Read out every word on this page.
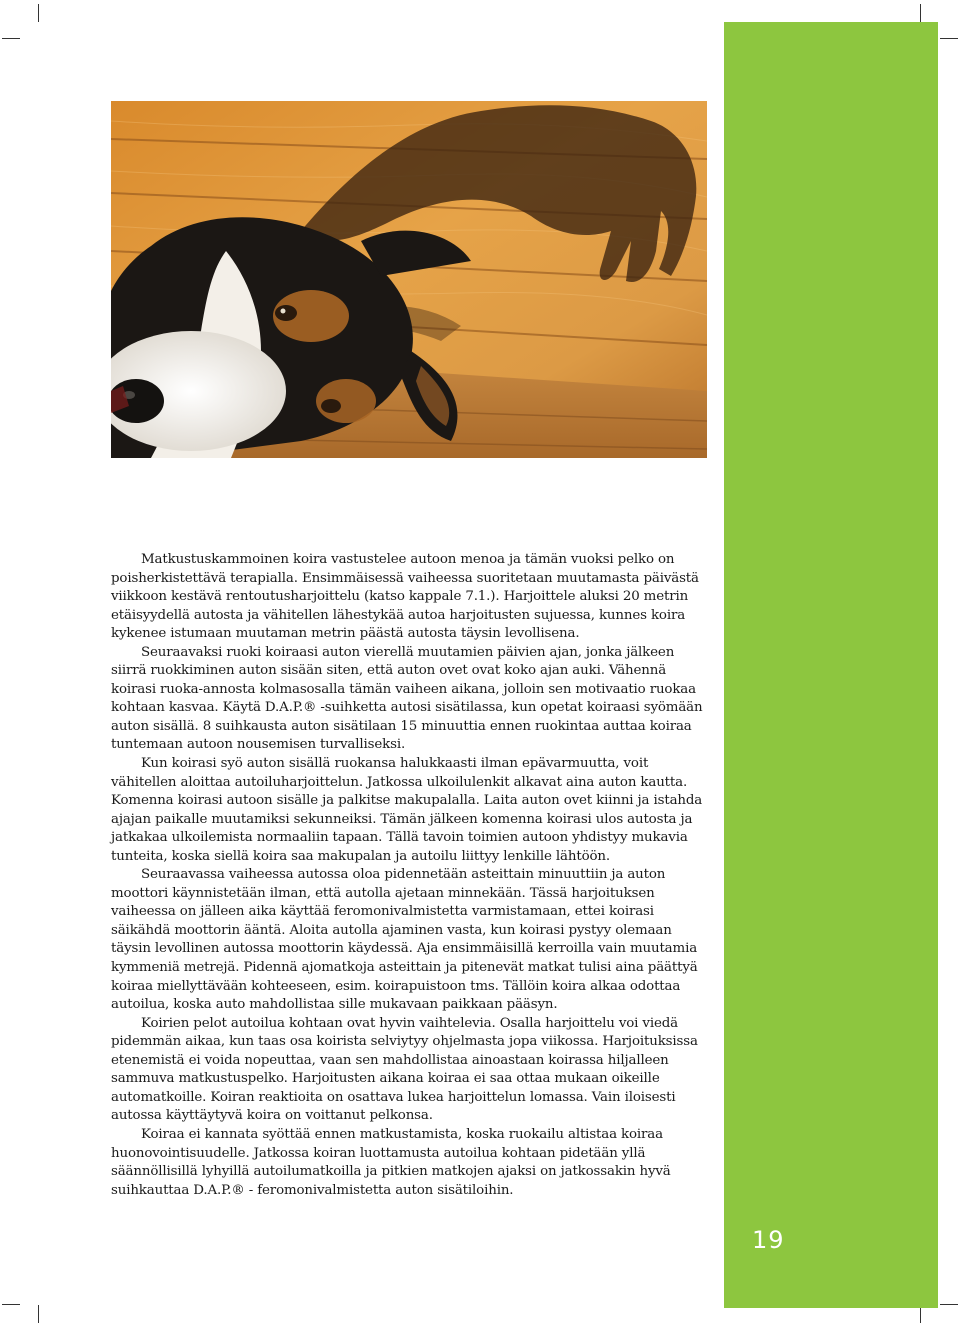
19

Matkustuskammoinen koira vastustelee autoon menoa ja tämän vuoksi pelko on poisherkistettävä terapialla. Ensimmäisessä vaiheessa suoritetaan muutamasta päivästä viikkoon kestävä rentoutusharjoittelu (katso kappale 7.1.). Harjoittele aluksi 20 metrin etäisyydellä autosta ja vähitellen lähestykää autoa harjoitusten sujuessa, kunnes koira kykenee istumaan muutaman metrin päästä autosta täysin levollisena.

Seuraavaksi ruoki koiraasi auton vierellä muutamien päivien ajan, jonka jälkeen siirrä ruokkiminen auton sisään siten, että auton ovet ovat koko ajan auki. Vähennä koirasi ruoka-annosta kolmasosalla tämän vaiheen aikana, jolloin sen motivaatio ruokaa kohtaan kasvaa. Käytä D.A.P.® -suihketta autosi sisätilassa, kun opetat koiraasi syömään auton sisällä. 8 suihkausta auton sisätilaan 15 minuuttia ennen ruokintaa auttaa koiraa tuntemaan autoon nousemisen turvalliseksi.

Kun koirasi syö auton sisällä ruokansa halukkaasti ilman epävarmuutta, voit vähitellen aloittaa autoiluharjoittelun. Jatkossa ulkoilulenkit alkavat aina auton kautta. Komenna koirasi autoon sisälle ja palkitse makupalalla. Laita auton ovet kiinni ja istahda ajajan paikalle muutamiksi sekunneiksi. Tämän jälkeen komenna koirasi ulos autosta ja jatkakaa ulkoilemista normaaliin tapaan. Tällä tavoin toimien autoon yhdistyy mukavia tunteita, koska siellä koira saa makupalan ja autoilu liittyy lenkille lähtöön.

Seuraavassa vaiheessa autossa oloa pidennetään asteittain minuuttiin ja auton moottori käynnistetään ilman, että autolla ajetaan minnekään. Tässä harjoituksen vaiheessa on jälleen aika käyttää feromonivalmistetta varmistamaan, ettei koirasi säikähdä moottorin ääntä. Aloita autolla ajaminen vasta, kun koirasi pystyy olemaan täysin levollinen autossa moottorin käydessä. Aja ensimmäisillä kerroilla vain muutamia kymmeniä metrejä. Pidennä ajomatkoja asteittain ja pitenevät matkat tulisi aina päättyä koiraa miellyttävään kohteeseen, esim. koirapuistoon tms. Tällöin koira alkaa odottaa autoilua, koska auto mahdollistaa sille mukavaan paikkaan pääsyn.

Koirien pelot autoilua kohtaan ovat hyvin vaihtelevia. Osalla harjoittelu voi viedä pidemmän aikaa, kun taas osa koirista selviytyy ohjelmasta jopa viikossa. Harjoituksissa etenemistä ei voida nopeuttaa, vaan sen mahdollistaa ainoastaan koirassa hiljalleen sammuva matkustuspelko. Harjoitusten aikana koiraa ei saa ottaa mukaan oikeille automatkoille. Koiran reaktioita on osattava lukea harjoittelun lomassa. Vain iloisesti autossa käyttäytyvä koira on voittanut pelkonsa.

Koiraa ei kannata syöttää ennen matkustamista, koska ruokailu altistaa koiraa huonovointisuudelle. Jatkossa koiran luottamusta autoilua kohtaan pidetään yllä säännöllisillä lyhyillä autoilumatkoilla ja pitkien matkojen ajaksi on jatkossakin hyvä suihkauttaa D.A.P.® - feromonivalmistetta auton sisätiloihin.
